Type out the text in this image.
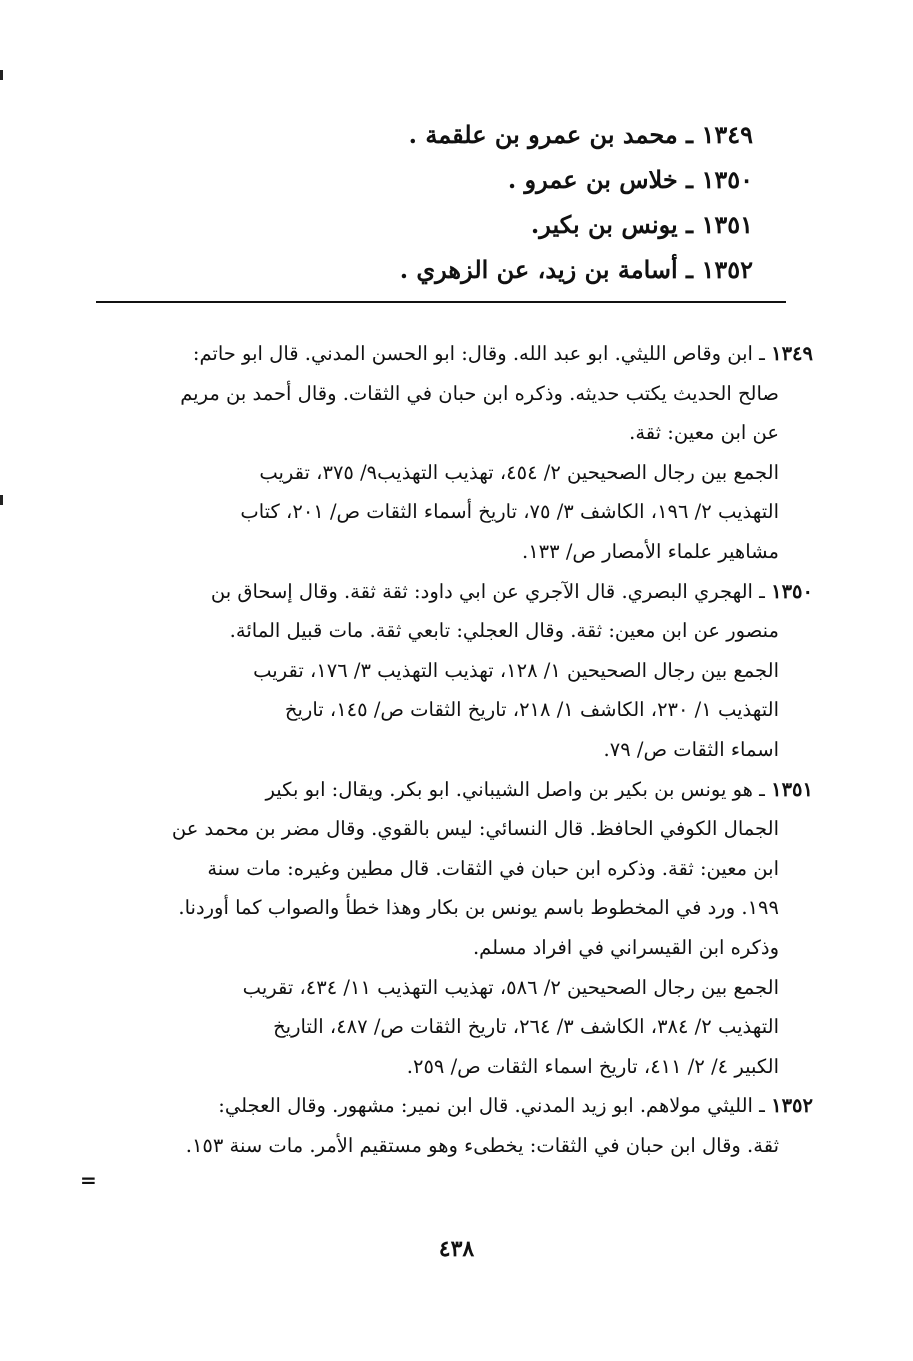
١٣٤٩ ـ محمد بن عمرو بن علقمة .
١٣٥٠ ـ خلاس بن عمرو .
١٣٥١ ـ يونس بن بكير.
١٣٥٢ ـ أسامة بن زيد، عن الزهري .
١٣٤٩ ـ ابن وقاص الليثي. ابو عبد الله. وقال: ابو الحسن المدني. قال ابو حاتم:
صالح الحديث يكتب حديثه. وذكره ابن حبان في الثقات. وقال أحمد بن مريم
عن ابن معين: ثقة.
الجمع بين رجال الصحيحين ٢/ ٤٥٤، تهذيب التهذيب٩/ ٣٧٥، تقريب
التهذيب ٢/ ١٩٦، الكاشف ٣/ ٧٥، تاريخ أسماء الثقات ص/ ٢٠١، كتاب
مشاهير علماء الأمصار ص/ ١٣٣.
١٣٥٠ ـ الهجري البصري. قال الآجري عن ابي داود: ثقة ثقة. وقال إسحاق بن
منصور عن ابن معين: ثقة. وقال العجلي: تابعي ثقة. مات قبيل المائة.
الجمع بين رجال الصحيحين ١/ ١٢٨، تهذيب التهذيب ٣/ ١٧٦، تقريب
التهذيب ١/ ٢٣٠، الكاشف ١/ ٢١٨، تاريخ الثقات ص/ ١٤٥، تاريخ
اسماء الثقات ص/ ٧٩.
١٣٥١ ـ هو يونس بن بكير بن واصل الشيباني. ابو بكر. ويقال: ابو بكير
الجمال الكوفي الحافظ. قال النسائي: ليس بالقوي. وقال مضر بن محمد عن
ابن معين: ثقة. وذكره ابن حبان في الثقات. قال مطين وغيره: مات سنة
١٩٩. ورد في المخطوط باسم يونس بن بكار وهذا خطأ والصواب كما أوردنا.
وذكره ابن القيسراني في افراد مسلم.
الجمع بين رجال الصحيحين ٢/ ٥٨٦، تهذيب التهذيب ١١/ ٤٣٤، تقريب
التهذيب ٢/ ٣٨٤، الكاشف ٣/ ٢٦٤، تاريخ الثقات ص/ ٤٨٧، التاريخ
الكبير ٤/ ٢/ ٤١١، تاريخ اسماء الثقات ص/ ٢٥٩.
١٣٥٢ ـ الليثي مولاهم. ابو زيد المدني. قال ابن نمير: مشهور. وقال العجلي:
ثقة. وقال ابن حبان في الثقات: يخطىء وهو مستقيم الأمر. مات سنة ١٥٣.
=
٤٣٨
